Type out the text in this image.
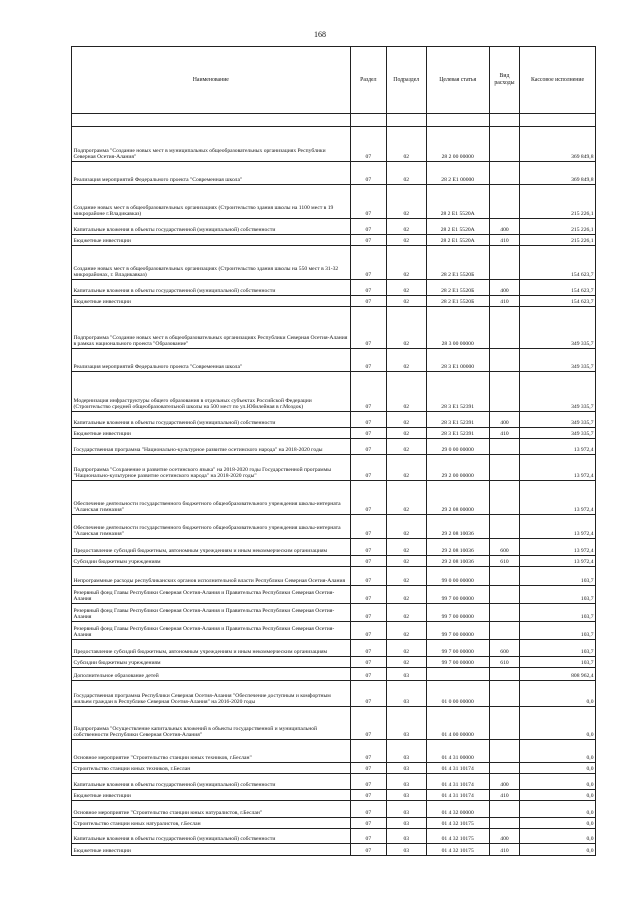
168
Наименование	Раздел	Подраздел	Целевая статья	Вид расходы	Кассовое исполнение

Подпрограмма "Создание новых мест в муниципальных общеобразовательных организациях Республики Северная Осетия-Алания"	07	02	28 2 00 00000		369 849,8
Реализация мероприятий Федерального проекта "Современная школа"	07	02	28 2 E1 00000		369 849,8
Создание новых мест в общеобразовательных организациях (Строительство здания школы на 1100 мест в 19 микрорайоне г.Владикавказ)	07	02	28 2 E1 5520А		215 226,1
Капитальные вложения в объекты государственной (муниципальной) собственности	07	02	28 2 E1 5520А	400	215 226,1
Бюджетные инвестиции	07	02	28 2 E1 5520А	410	215 226,1
Создание новых мест в общеобразовательных организациях (Строительство здания школы на 550 мест в 31-32 микрорайонах, г. Владикавказ)	07	02	28 2 E1 5520Б		154 623,7
Капитальные вложения в объекты государственной (муниципальной) собственности	07	02	28 2 E1 5520Б	400	154 623,7
Бюджетные инвестиции	07	02	28 2 E1 5520Б	410	154 623,7
Подпрограмма "Создание новых мест в общеобразовательных организациях Республики Северная Осетия-Алания в рамках национального проекта "Образование"	07	02	28 3 00 00000		349 335,7
Реализация мероприятий Федерального проекта "Современная школа"	07	02	28 3 E1 00000		349 335,7
Модернизация инфраструктуры общего образования в отдельных субъектах Российской Федерации (Строительство средней общеобразовательной школы на 500 мест по ул.Юбилейная в г.Моздок)	07	02	28 3 E1 52391		349 335,7
Капитальные вложения в объекты государственной (муниципальной) собственности	07	02	28 3 E1 52391	400	349 335,7
Бюджетные инвестиции	07	02	28 3 E1 52391	410	349 335,7
Государственная программа "Национально-культурное развитие осетинского народа" на 2018-2020 годы	07	02	29 0 00 00000		13 972,4
Подпрограмма "Сохранение и развитие осетинского языка" на 2018-2020 годы Государственной программы "Национально-культурное развитие осетинского народа" на 2018-2020 годы"	07	02	29 2 00 00000		13 972,4
Обеспечение деятельности государственного бюджетного общеобразовательного учреждения школы-интерната "Аланская гимназия"	07	02	29 2 08 00000		13 972,4
Обеспечение деятельности государственного бюджетного общеобразовательного учреждения школы-интерната "Аланская гимназия"	07	02	29 2 08 10036		13 972,4
Предоставление субсидий бюджетным, автономным учреждениям и иным некоммерческим организациям	07	02	29 2 08 10036	600	13 972,4
Субсидии бюджетным учреждениям	07	02	29 2 08 10036	610	13 972,4
Непрограммные расходы республиканских органов исполнительной власти Республики Северная Осетия-Алания	07	02	99 0 00 00000		103,7
Резервный фонд Главы Республики Северная Осетия-Алания и Правительства Республики Северная Осетия-Алания	07	02	99 7 00 00000		103,7
Резервный фонд Главы Республики Северная Осетия-Алания и Правительства Республики Северная Осетия-Алания	07	02	99 7 00 00000		103,7
Резервный фонд Главы Республики Северная Осетия-Алания и Правительства Республики Северная Осетия-Алания	07	02	99 7 00 00000		103,7
Предоставление субсидий бюджетным, автономным учреждениям и иным некоммерческим организациям	07	02	99 7 00 00000	600	103,7
Субсидии бюджетным учреждениям	07	02	99 7 00 00000	610	103,7
Дополнительное образование детей	07	03			808 962,4
Государственная программа Республики Северная Осетия-Алания "Обеспечение доступным и комфортным жильем граждан в Республике Северная Осетия-Алания" на 2016-2020 годы	07	03	01 0 00 00000		0,0
Подпрограмма "Осуществление капитальных вложений в объекты государственной и муниципальной собственности Республики Северная Осетия-Алания"	07	03	01 4 00 00000		0,0
Основное мероприятие "Строительство станции юных техников, г.Беслан"	07	03	01 4 31 00000		0,0
Строительство станции юных техников, г.Беслан	07	03	01 4 31 10174		0,0
Капитальные вложения в объекты государственной (муниципальной) собственности	07	03	01 4 31 10174	400	0,0
Бюджетные инвестиции	07	03	01 4 31 10174	410	0,0
Основное мероприятие "Строительство станции юных натуралистов, г.Беслан"	07	03	01 4 32 00000		0,0
Строительство станции юных натуралистов, г.Беслан	07	03	01 4 32 10175		0,0
Капитальные вложения в объекты государственной (муниципальной) собственности	07	03	01 4 32 10175	400	0,0
Бюджетные инвестиции	07	03	01 4 32 10175	410	0,0
